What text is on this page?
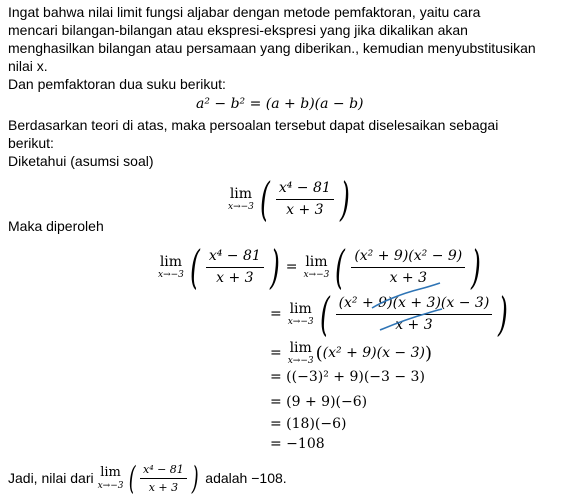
Ingat bahwa nilai limit fungsi aljabar dengan metode pemfaktoran, yaitu cara
mencari bilangan-bilangan atau ekspresi-ekspresi yang jika dikalikan akan
menghasilkan bilangan atau persamaan yang diberikan., kemudian menyubstitusikan
nilai x.
Dan pemfaktoran dua suku berikut:
a² − b² = (a + b)(a − b)
Berdasarkan teori di atas, maka persoalan tersebut dapat diselesaikan sebagai
berikut:
Diketahui (asumsi soal)
lim
x→−3 ( $\frac{\text{x⁴ − 81}}{x + 3}$ )
Maka diperoleh
lim
x→−3 ( $\frac{\text{x⁴ − 81}}{x + 3}$ ) = lim
x→−3 ( $\frac{\text{(x² + 9)(x² − 9)}}{x + 3}$ )
= lim
x→−3 ( $\frac{\text{(x² + 9)(x + 3)(x − 3)}}{x + 3}$ )
= lim
x→−3 ( (x² + 9)(x − 3) )
= ((−3)² + 9)(−3 − 3)
= (9 + 9)(−6)
= (18)(−6)
= −108
Jadi, nilai dari lim
x→−3 ( $\frac{\text{x⁴ − 81}}{x + 3}$ ) adalah −108.
